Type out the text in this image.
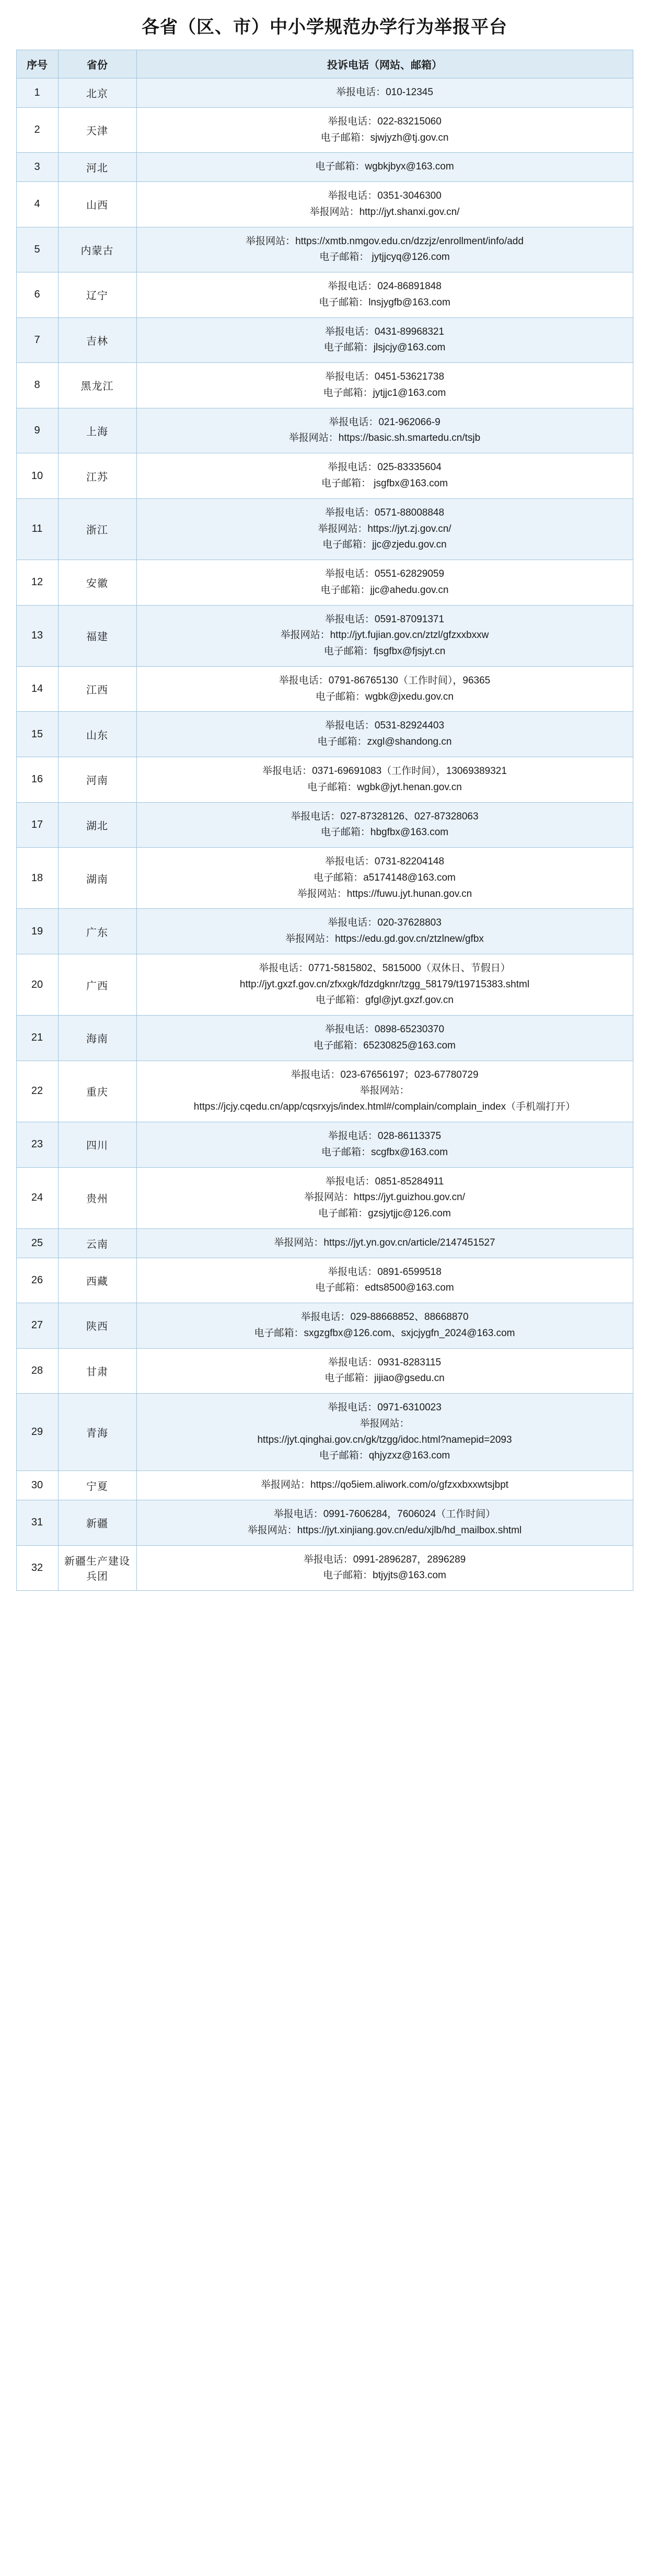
各省（区、市）中小学规范办学行为举报平台
序号	省份	投诉电话（网站、邮箱）
1	北京	举报电话：010-12345

2	天津	举报电话：022-83215060
电子邮箱：sjwjyzh@tj.gov.cn

3	河北	电子邮箱：wgbkjbyx@163.com

4	山西	举报电话：0351-3046300
举报网站：http://jyt.shanxi.gov.cn/

5	内蒙古	举报网站：https://xmtb.nmgov.edu.cn/dzzjz/enrollment/info/add
电子邮箱： jytjjcyq@126.com

6	辽宁	举报电话：024-86891848
电子邮箱：lnsjygfb@163.com

7	吉林	举报电话：0431-89968321
电子邮箱：jlsjcjy@163.com

8	黑龙江	举报电话：0451-53621738
电子邮箱：jytjjc1@163.com

9	上海	举报电话：021-962066-9
举报网站：https://basic.sh.smartedu.cn/tsjb

10	江苏	举报电话：025-83335604
电子邮箱： jsgfbx@163.com

11	浙江	举报电话：0571-88008848
举报网站：https://jyt.zj.gov.cn/
电子邮箱：jjc@zjedu.gov.cn

12	安徽	举报电话：0551-62829059
电子邮箱：jjc@ahedu.gov.cn

13	福建	举报电话：0591-87091371
举报网站：http://jyt.fujian.gov.cn/ztzl/gfzxxbxxw
电子邮箱：fjsgfbx@fjsjyt.cn

14	江西	举报电话：0791-86765130（工作时间），96365
电子邮箱：wgbk@jxedu.gov.cn

15	山东	举报电话：0531-82924403
电子邮箱：zxgl@shandong.cn

16	河南	举报电话：0371-69691083（工作时间），13069389321
电子邮箱：wgbk@jyt.henan.gov.cn

17	湖北	举报电话：027-87328126、027-87328063
电子邮箱：hbgfbx@163.com

18	湖南	举报电话：0731-82204148
电子邮箱：a5174148@163.com
举报网站：https://fuwu.jyt.hunan.gov.cn

19	广东	举报电话：020-37628803
举报网站：https://edu.gd.gov.cn/ztzlnew/gfbx

20	广西	举报电话：0771-5815802、5815000（双休日、节假日）
http://jyt.gxzf.gov.cn/zfxxgk/fdzdgknr/tzgg_58179/t19715383.shtml
电子邮箱：gfgl@jyt.gxzf.gov.cn

21	海南	举报电话：0898-65230370
电子邮箱：65230825@163.com

22	重庆	举报电话：023-67656197；023-67780729
举报网站：
https://jcjy.cqedu.cn/app/cqsrxyjs/index.html#/complain/complain_index（手机端打开）

23	四川	举报电话：028-86113375
电子邮箱：scgfbx@163.com

24	贵州	举报电话：0851-85284911
举报网站：https://jyt.guizhou.gov.cn/
电子邮箱：gzsjytjjc@126.com

25	云南	举报网站：https://jyt.yn.gov.cn/article/2147451527

26	西藏	举报电话：0891-6599518
电子邮箱：edts8500@163.com

27	陕西	举报电话：029-88668852、88668870
电子邮箱：sxgzgfbx@126.com、sxjcjygfn_2024@163.com

28	甘肃	举报电话：0931-8283115
电子邮箱：jijiao@gsedu.cn

29	青海	举报电话：0971-6310023
举报网站：
https://jyt.qinghai.gov.cn/gk/tzgg/idoc.html?namepid=2093
电子邮箱：qhjyzxz@163.com

30	宁夏	举报网站：https://qo5iem.aliwork.com/o/gfzxxbxxwtsjbpt

31	新疆	举报电话：0991-7606284，7606024（工作时间）
举报网站：https://jyt.xinjiang.gov.cn/edu/xjlb/hd_mailbox.shtml

32	新疆生产建设兵团	举报电话：0991-2896287，2896289
电子邮箱：btjyjts@163.com
